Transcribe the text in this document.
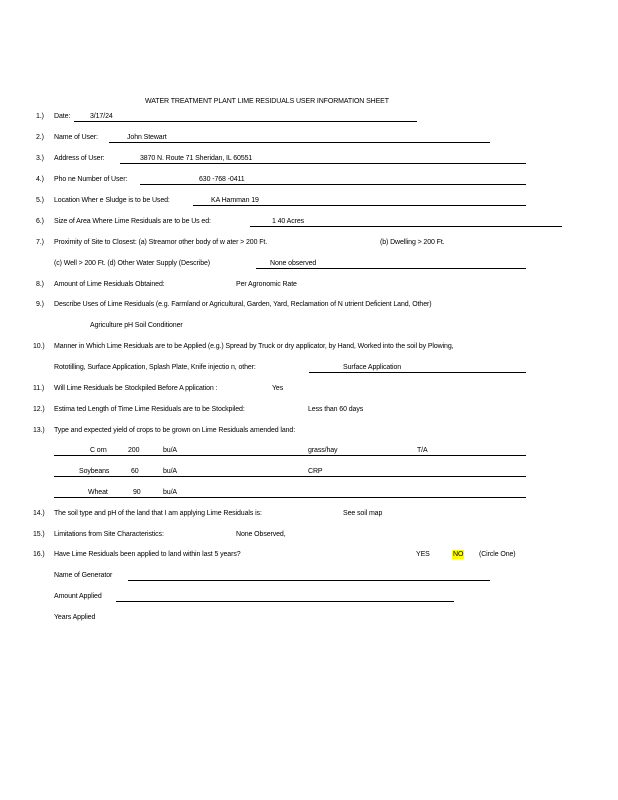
WATER TREATMENT PLANT LIME RESIDUALS USER INFORMATION SHEET
1.) Date:	3/17/24
2.) Name of User:	John Stewart
3.) Address of User:	3870 N. Route 71 Sheridan, IL 60551
4.) Pho ne Number of User:	630 -768 -0411
5.) Location Wher e Sludge is to be Used:	KA Hamman 19
6.) Size of Area Where Lime Residuals are to be Us ed:	1 40 Acres
7.) Proximity of Site to Closest: (a) Streamor other body of w ater > 200 Ft.	(b) Dwelling > 200 Ft.
(c) Well > 200 Ft. (d) Other Water Supply (Describe)	None observed
8.) Amount of Lime Residuals Obtained:	Per Agronomic Rate
9.) Describe Uses of Lime Residuals (e.g. Farmland or Agricultural, Garden, Yard, Reclamation of N utrient Deficient Land, Other)
Agriculture pH Soil Conditioner
10.) Manner in Which Lime Residuals are to be Applied (e.g.) Spread by Truck or dry applicator, by Hand, Worked into the soil by Plowing,
Rototilling, Surface Application, Splash Plate, Knife injectio n, other:	Surface Application
11.) Will Lime Residuals be Stockpiled Before A pplication :	Yes
12.) Estima ted Length of Time Lime Residuals are to be Stockpiled:	Less than 60 days
13.) Type and expected yield of crops to be grown on Lime Residuals amended land:
C orn	200	bu/A	grass/hay	T/A
Soybeans	60	bu/A	CRP
Wheat	90	bu/A
14.) The soil type and pH of the land that I am applying Lime Residuals is:	See soil map
15.) Limitations from Site Characteristics:	None Observed,
16.) Have Lime Residuals been applied to land within last 5 years?	YES	NO (Circle One)
Name of Generator
Amount Applied
Years Applied
